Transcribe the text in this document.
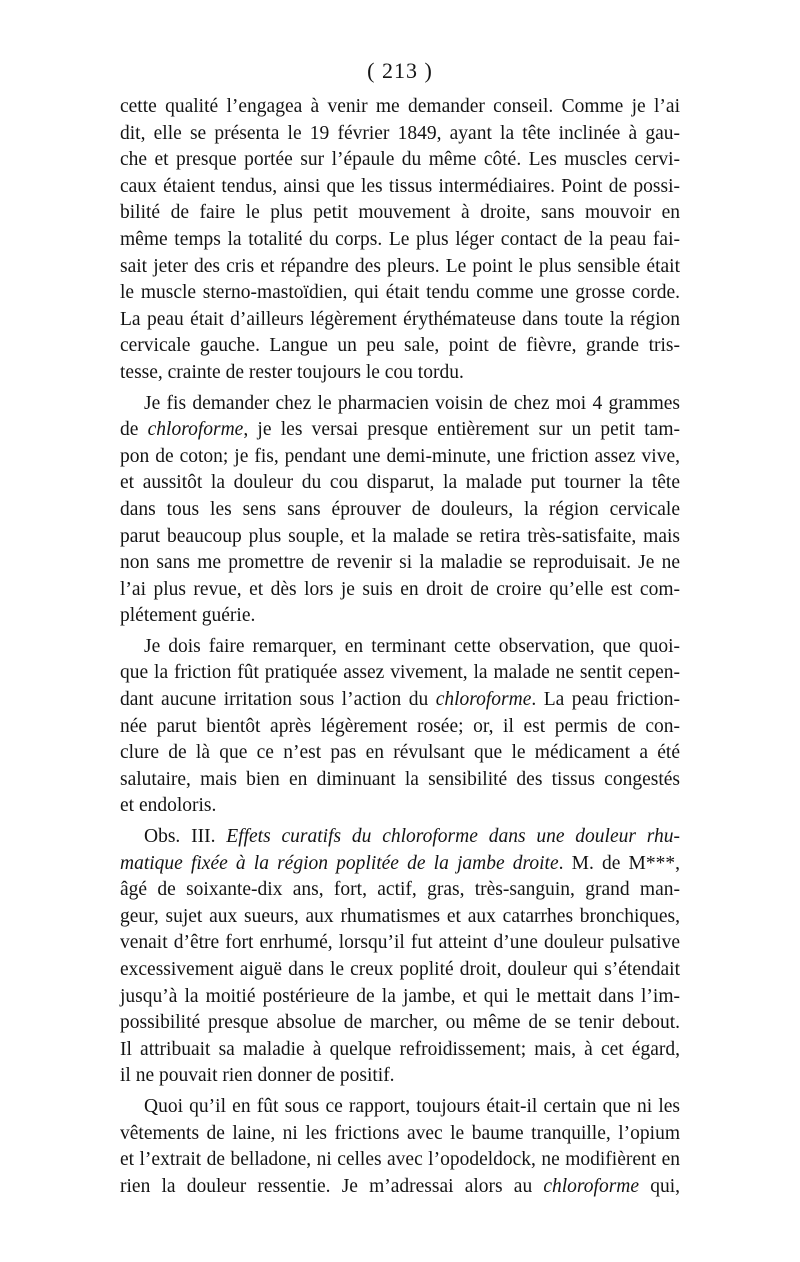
( 213 )
cette qualité l’engagea à venir me demander conseil. Comme je l’ai
dit, elle se présenta le 19 février 1849, ayant la tête inclinée à gau-
che et presque portée sur l’épaule du même côté. Les muscles cervi-
caux étaient tendus, ainsi que les tissus intermédiaires. Point de possi-
bilité de faire le plus petit mouvement à droite, sans mouvoir en
même temps la totalité du corps. Le plus léger contact de la peau fai-
sait jeter des cris et répandre des pleurs. Le point le plus sensible était
le muscle sterno-mastoïdien, qui était tendu comme une grosse corde.
La peau était d’ailleurs légèrement érythémateuse dans toute la région
cervicale gauche. Langue un peu sale, point de fièvre, grande tris-
tesse, crainte de rester toujours le cou tordu.
Je fis demander chez le pharmacien voisin de chez moi 4 grammes
de chloroforme, je les versai presque entièrement sur un petit tam-
pon de coton; je fis, pendant une demi-minute, une friction assez vive,
et aussitôt la douleur du cou disparut, la malade put tourner la tête
dans tous les sens sans éprouver de douleurs, la région cervicale
parut beaucoup plus souple, et la malade se retira très-satisfaite, mais
non sans me promettre de revenir si la maladie se reproduisait. Je ne
l’ai plus revue, et dès lors je suis en droit de croire qu’elle est com-
plétement guérie.
Je dois faire remarquer, en terminant cette observation, que quoi-
que la friction fût pratiquée assez vivement, la malade ne sentit cepen-
dant aucune irritation sous l’action du chloroforme. La peau friction-
née parut bientôt après légèrement rosée; or, il est permis de con-
clure de là que ce n’est pas en révulsant que le médicament a été
salutaire, mais bien en diminuant la sensibilité des tissus congestés
et endoloris.
Obs. III. Effets curatifs du chloroforme dans une douleur rhu-
matique fixée à la région poplitée de la jambe droite. M. de M***,
âgé de soixante-dix ans, fort, actif, gras, très-sanguin, grand man-
geur, sujet aux sueurs, aux rhumatismes et aux catarrhes bronchiques,
venait d’être fort enrhumé, lorsqu’il fut atteint d’une douleur pulsative
excessivement aiguë dans le creux poplité droit, douleur qui s’étendait
jusqu’à la moitié postérieure de la jambe, et qui le mettait dans l’im-
possibilité presque absolue de marcher, ou même de se tenir debout.
Il attribuait sa maladie à quelque refroidissement; mais, à cet égard,
il ne pouvait rien donner de positif.
Quoi qu’il en fût sous ce rapport, toujours était-il certain que ni les
vêtements de laine, ni les frictions avec le baume tranquille, l’opium
et l’extrait de belladone, ni celles avec l’opodeldock, ne modifièrent en
rien la douleur ressentie. Je m’adressai alors au chloroforme qui,
